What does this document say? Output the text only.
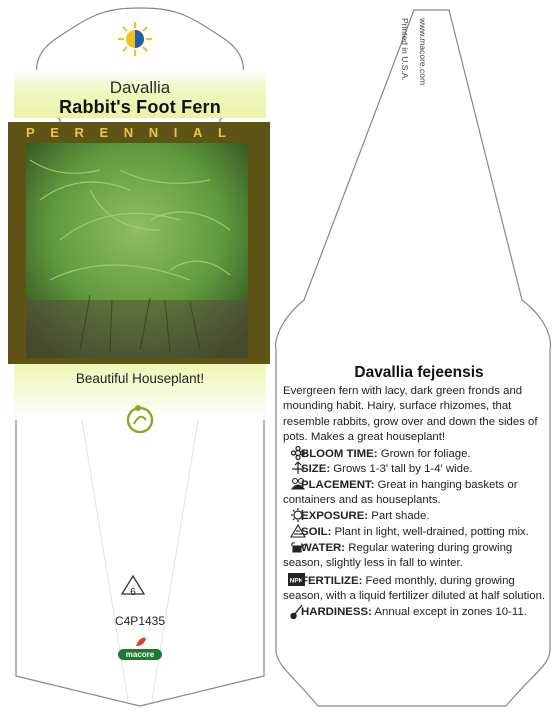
Davallia
Rabbit's Foot Fern
PERENNIAL
Beautiful Houseplant!
6
C4P1435
macore
NPK
Printed in U.S.A. www.macore.com
Davallia fejeensis
Evergreen fern with lacy, dark green fronds and mounding habit. Hairy, surface rhizomes, that resemble rabbits, grow over and down the sides of pots. Makes a great houseplant!
BLOOM TIME: Grown for foliage.
SIZE: Grows 1-3' tall by 1-4' wide.
PLACEMENT: Great in hanging baskets or containers and as houseplants.
EXPOSURE: Part shade.
SOIL: Plant in light, well-drained, potting mix.
WATER: Regular watering during growing season, slightly less in fall to winter.
FERTILIZE: Feed monthly, during growing season, with a liquid fertilizer diluted at half solution.
HARDINESS: Annual except in zones 10-11.
